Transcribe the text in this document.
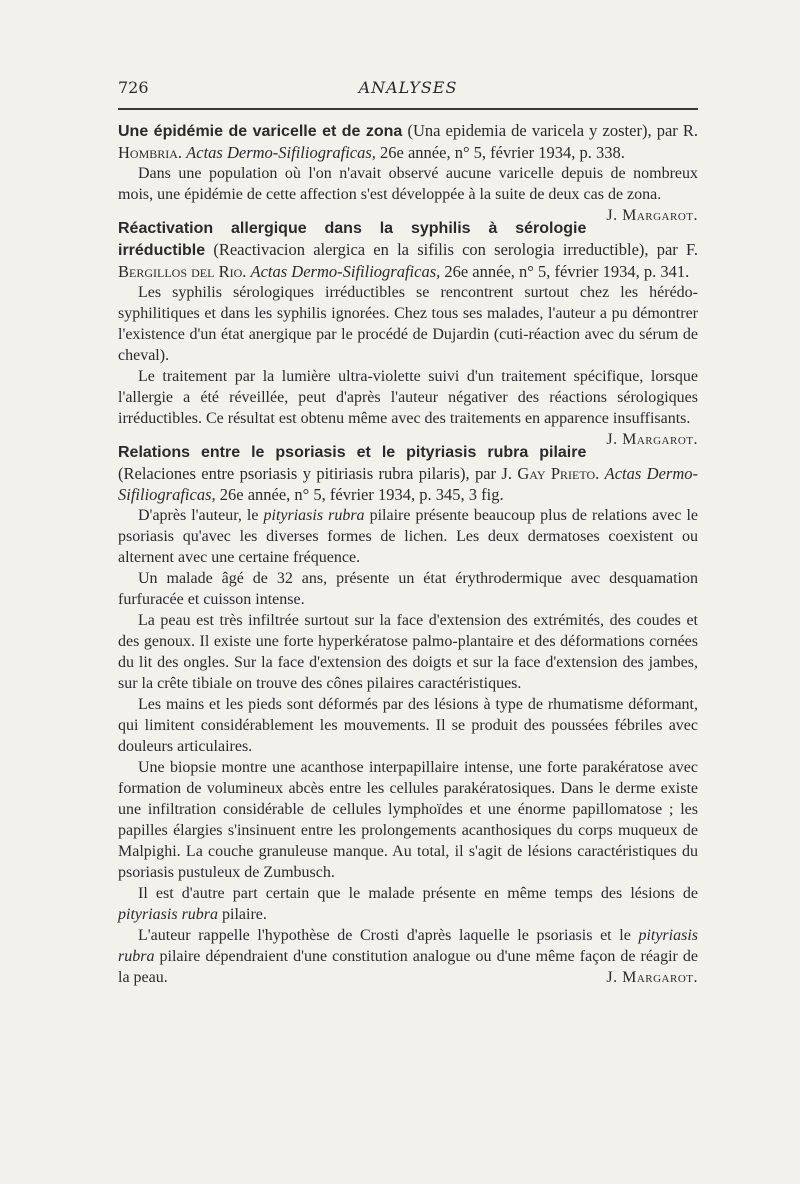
726	ANALYSES
Une épidémie de varicelle et de zona (Una epidemia de varicela y zoster), par R. Hombria. Actas Dermo-Sifiliograficas, 26e année, n° 5, février 1934, p. 338.

Dans une population où l'on n'avait observé aucune varicelle depuis de nombreux mois, une épidémie de cette affection s'est développée à la suite de deux cas de zona.
J. Margarot.

Réactivation allergique dans la syphilis à sérologie irréductible (Reactivacion alergica en la sifilis con serologia irreductible), par F. Bergillos del Rio. Actas Dermo-Sifiliograficas, 26e année, n° 5, février 1934, p. 341.

Les syphilis sérologiques irréductibles se rencontrent surtout chez les hérédo-syphilitiques et dans les syphilis ignorées. Chez tous ses malades, l'auteur a pu démontrer l'existence d'un état anergique par le procédé de Dujardin (cuti-réaction avec du sérum de cheval).

Le traitement par la lumière ultra-violette suivi d'un traitement spécifique, lorsque l'allergie a été réveillée, peut d'après l'auteur négativer des réactions sérologiques irréductibles. Ce résultat est obtenu même avec des traitements en apparence insuffisants.
J. Margarot.

Relations entre le psoriasis et le pityriasis rubra pilaire (Relaciones entre psoriasis y pitiriasis rubra pilaris), par J. Gay Prieto. Actas Dermo-Sifiliograficas, 26e année, n° 5, février 1934, p. 345, 3 fig.

D'après l'auteur, le pityriasis rubra pilaire présente beaucoup plus de relations avec le psoriasis qu'avec les diverses formes de lichen. Les deux dermatoses coexistent ou alternent avec une certaine fréquence.

Un malade âgé de 32 ans, présente un état érythrodermique avec desquamation furfuracée et cuisson intense.

La peau est très infiltrée surtout sur la face d'extension des extrémités, des coudes et des genoux. Il existe une forte hyperkératose palmo-plantaire et des déformations cornées du lit des ongles. Sur la face d'extension des doigts et sur la face d'extension des jambes, sur la crête tibiale on trouve des cônes pilaires caractéristiques.

Les mains et les pieds sont déformés par des lésions à type de rhumatisme déformant, qui limitent considérablement les mouvements. Il se produit des poussées fébriles avec douleurs articulaires.

Une biopsie montre une acanthose interpapillaire intense, une forte parakératose avec formation de volumineux abcès entre les cellules parakératosiques. Dans le derme existe une infiltration considérable de cellules lymphoïdes et une énorme papillomatose ; les papilles élargies s'insinuent entre les prolongements acanthosiques du corps muqueux de Malpighi. La couche granuleuse manque. Au total, il s'agit de lésions caractéristiques du psoriasis pustuleux de Zumbusch.

Il est d'autre part certain que le malade présente en même temps des lésions de pityriasis rubra pilaire.

L'auteur rappelle l'hypothèse de Crosti d'après laquelle le psoriasis et le pityriasis rubra pilaire dépendraient d'une constitution analogue ou d'une même façon de réagir de la peau.	J. Margarot.
